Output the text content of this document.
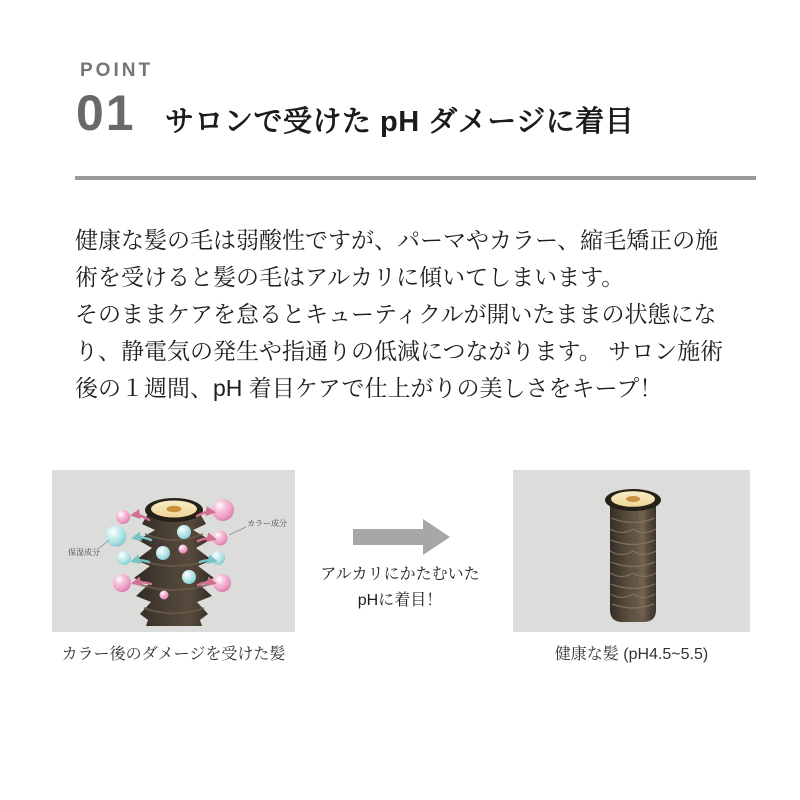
POINT
01 サロンで受けた pH ダメージに着目
健康な髪の毛は弱酸性ですが、パーマやカラー、縮毛矯正の施
術を受けると髪の毛はアルカリに傾いてしまいます。
そのままケアを怠るとキューティクルが開いたままの状態にな
り、静電気の発生や指通りの低減につながります。 サロン施術
後の１週間、pH 着目ケアで仕上がりの美しさをキープ！
保湿成分
カラー成分
カラー後のダメージを受けた髪
アルカリにかたむいた
pHに着目！
健康な髪 (pH4.5~5.5)
